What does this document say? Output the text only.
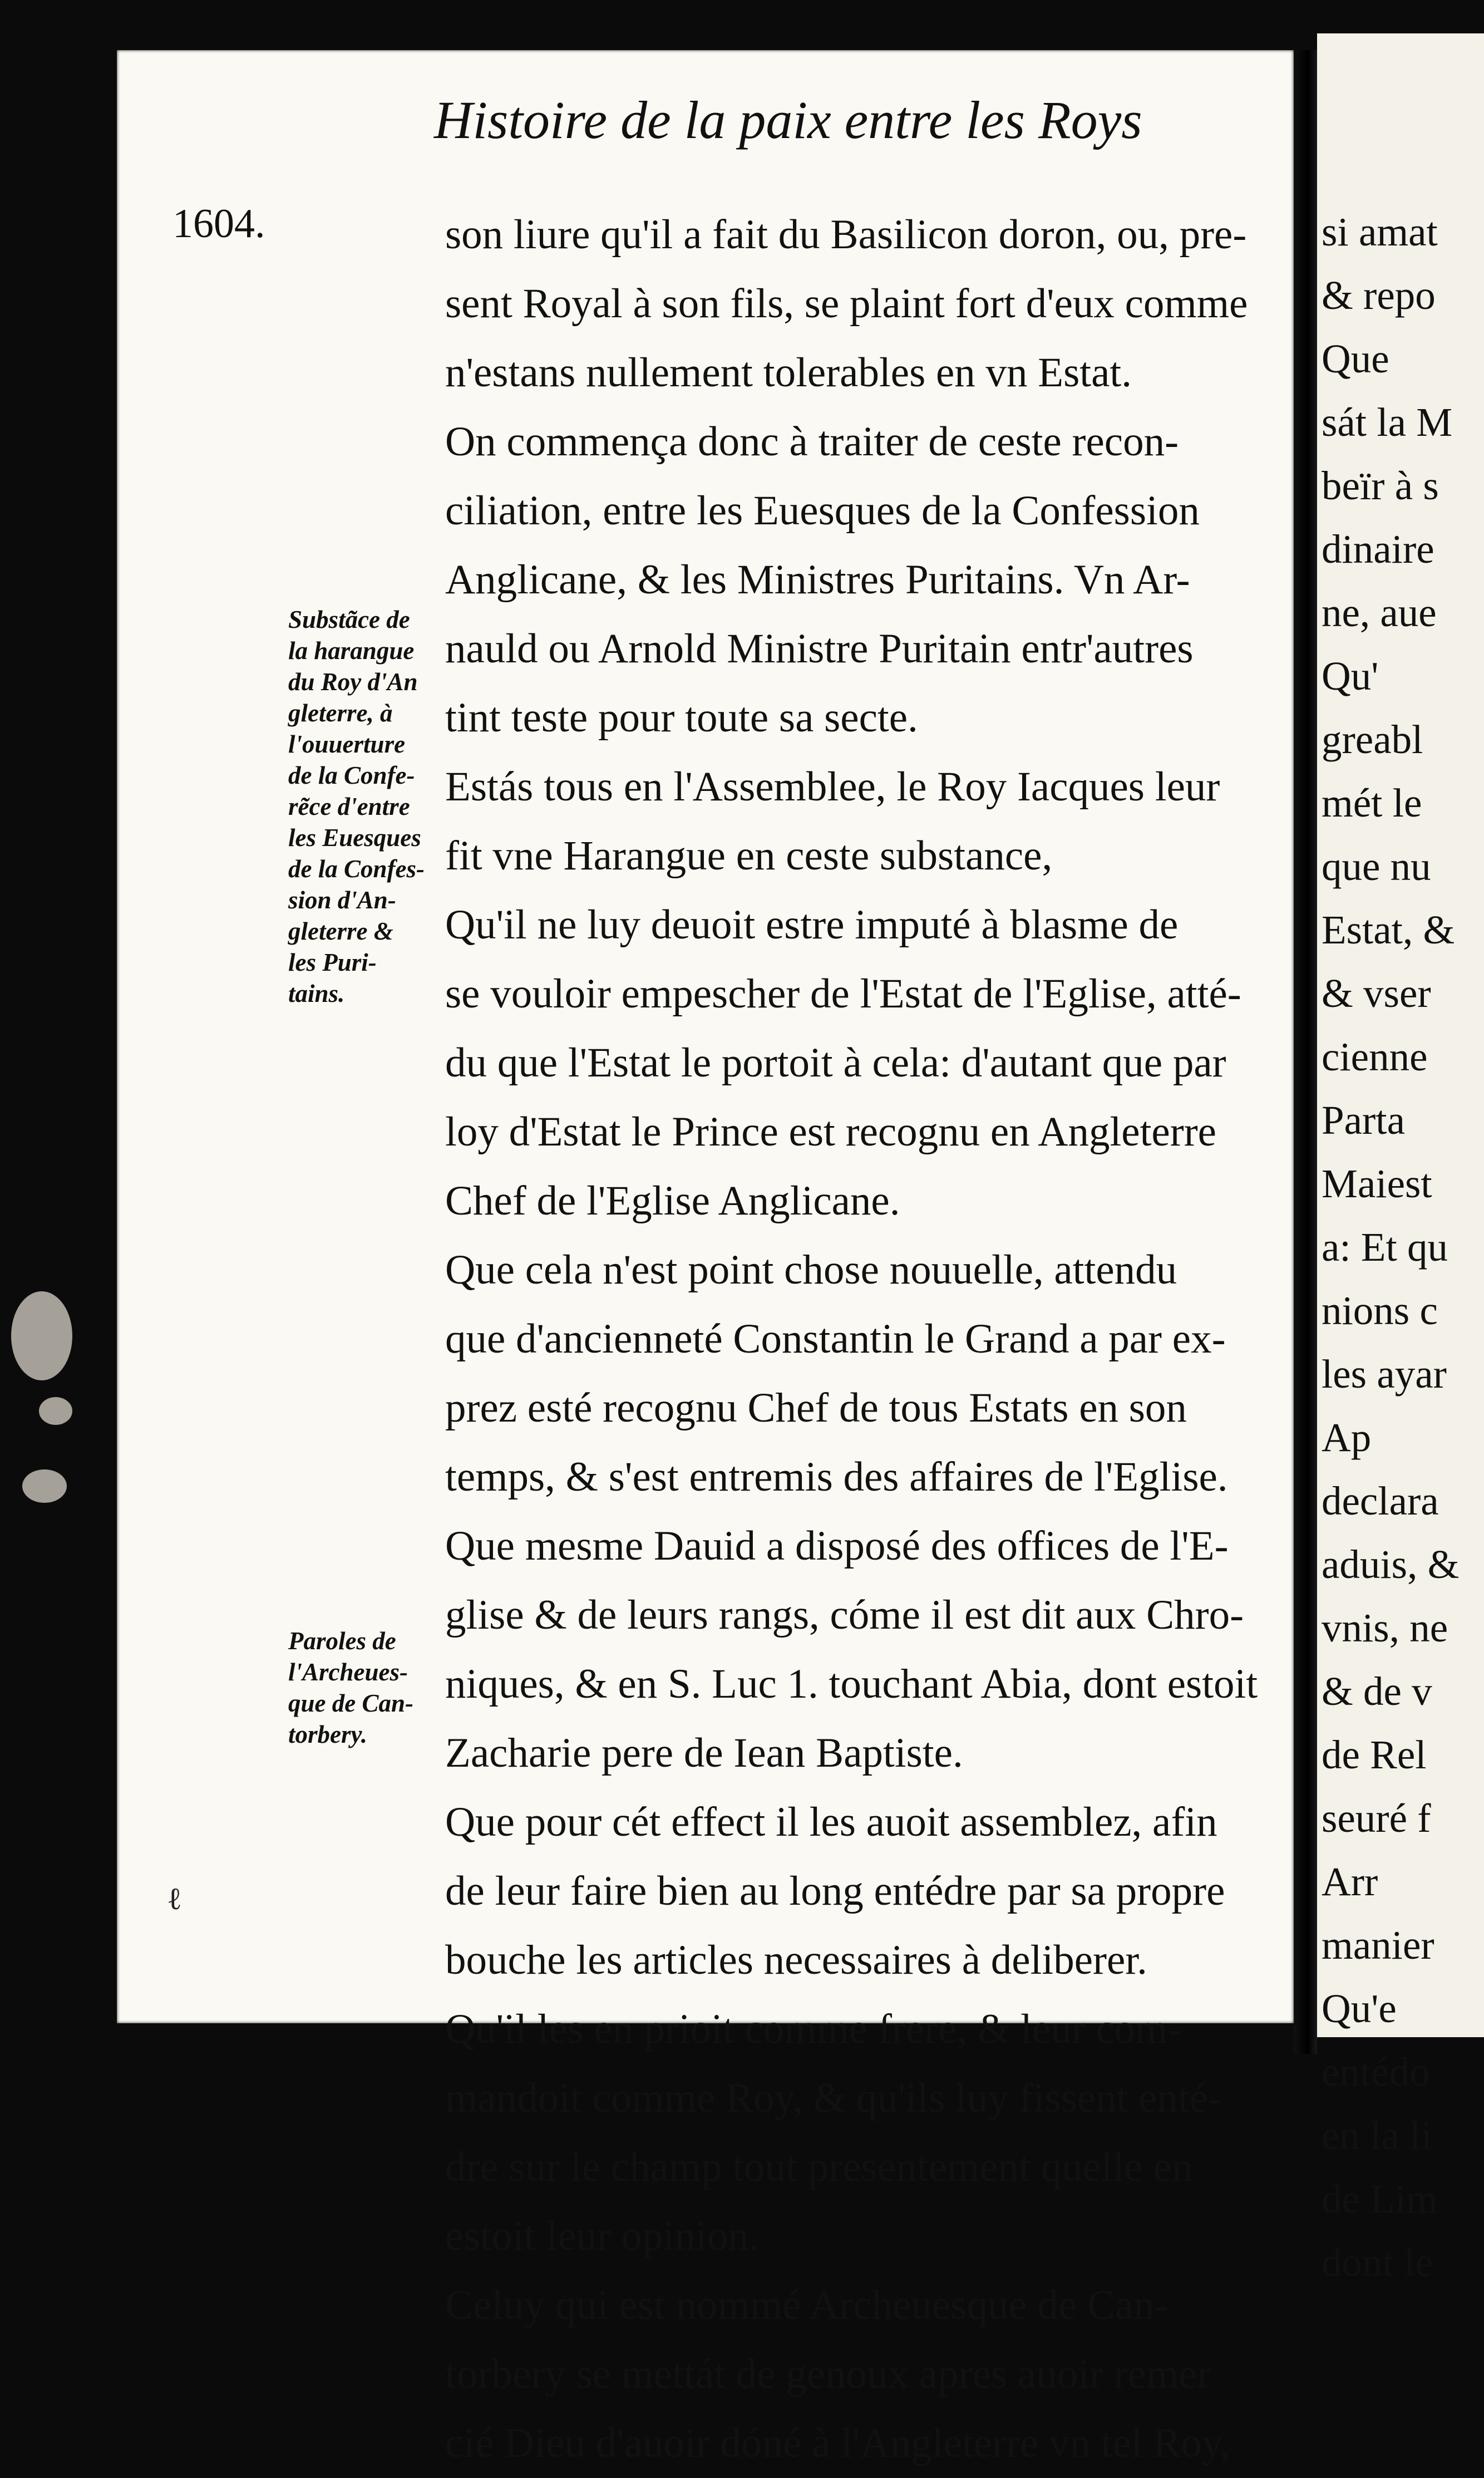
si amat
& repo
Que
sát la M
beïr à s
dinaire
ne, aue
Qu'
greabl
mét le
que nu
Estat, &
& vser
cienne
Parta
Maiest
a: Et qu
nions c
les ayar
Ap
declara
aduis, &
vnis, ne
& de v
de Rel
seuré f
Arr
manier
Qu'e
entédo
en la li
de Lim
dont le
Histoire de la paix entre les Roys
1604.	son liure qu'il a fait du Basilicon doron, ou, pre-
sent Royal à son fils, se plaint fort d'eux comme
n'estans nullement tolerables en vn Estat.
On commença donc à traiter de ceste recon-
ciliation, entre les Euesques de la Confession
Anglicane, & les Ministres Puritains. Vn Ar-
nauld ou Arnold Ministre Puritain entr'autres
tint teste pour toute sa secte.
Estás tous en l'Assemblee, le Roy Iacques leur
fit vne Harangue en ceste substance,
Qu'il ne luy deuoit estre imputé à blasme de
se vouloir empescher de l'Estat de l'Eglise, atté-
du que l'Estat le portoit à cela: d'autant que par
loy d'Estat le Prince est recognu en Angleterre
Chef de l'Eglise Anglicane.
Que cela n'est point chose nouuelle, attendu
que d'ancienneté Constantin le Grand a par ex-
prez esté recognu Chef de tous Estats en son
temps, & s'est entremis des affaires de l'Eglise.
Que mesme Dauid a disposé des offices de l'E-
glise & de leurs rangs, cóme il est dit aux Chro-
niques, & en S. Luc 1. touchant Abia, dont estoit
Zacharie pere de Iean Baptiste.
Que pour cét effect il les auoit assemblez, afin
de leur faire bien au long entédre par sa propre
bouche les articles necessaires à deliberer.
Qu'il les en prioit comme frere, & leur com-
mandoit comme Roy, & qu'ils luy fissent enté-
dre sur le champ tout presentement quelle en
estoit leur opinion.
Celuy qui est nommé Archeuesque de Can-
torbery se mettát de genoux apres auoir remer
cié Dieu d'auoir dóné à l'Angleterre vn tel Roy,
Substãce de
la harangue
du Roy d'An
gleterre, à
l'ouuerture
de la Confe-
rẽce d'entre
les Euesques
de la Confes-
sion d'An-
gleterre &
les Puri-
tains.
Paroles de
l'Archeues-
que de Can-
torbery.
ℓ
